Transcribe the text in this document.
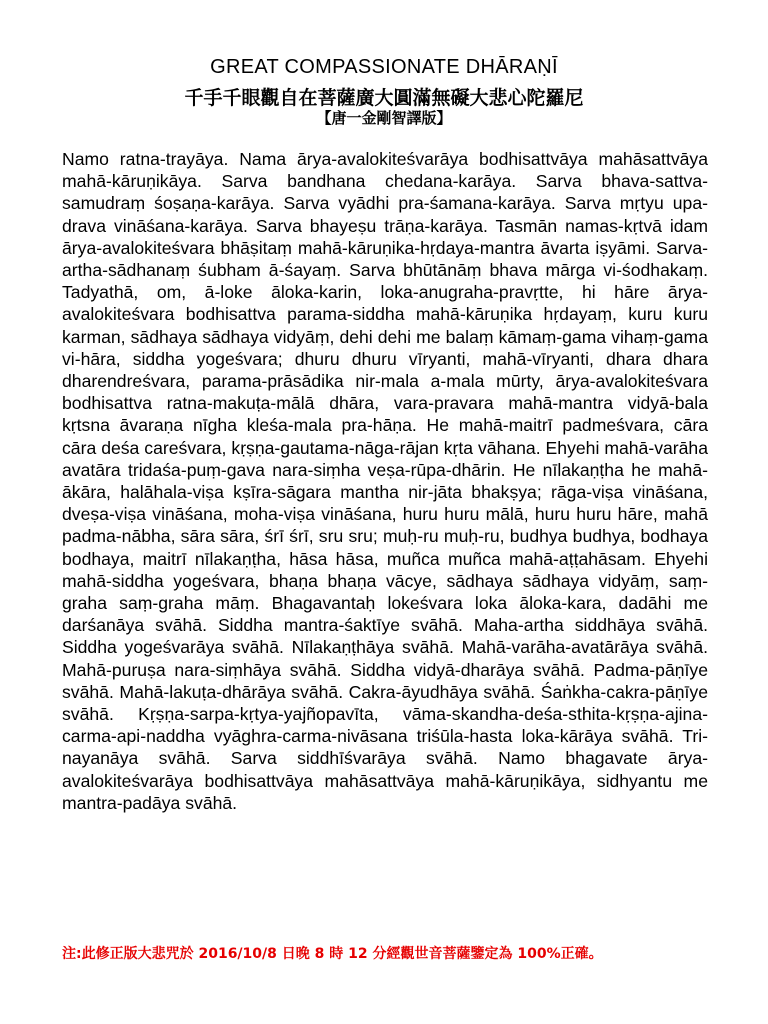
GREAT COMPASSIONATE DHĀRAṆĪ
千手千眼觀自在菩薩廣大圓滿無礙大悲心陀羅尼
【唐一金剛智譯版】

Namo ratna-trayāya. Nama ārya-avalokiteśvarāya bodhisattvāya mahāsattvāya mahā-kāruṇikāya. Sarva bandhana chedana-karāya. Sarva bhava-sattva-samudraṃ śoṣaṇa-karāya. Sarva vyādhi pra-śamana-karāya. Sarva mṛtyu upa-drava vināśana-karāya. Sarva bhayeṣu trāṇa-karāya. Tasmān namas-kṛtvā idam ārya-avalokiteśvara bhāṣitaṃ mahā-kāruṇika-hṛdaya-mantra āvarta iṣyāmi. Sarva-artha-sādhanaṃ śubham ā-śayaṃ. Sarva bhūtānāṃ bhava mārga vi-śodhakaṃ. Tadyathā, om, ā-loke āloka-karin, loka-anugraha-pravṛtte, hi hāre ārya-avalokiteśvara bodhisattva parama-siddha mahā-kāruṇika hṛdayaṃ, kuru kuru karman, sādhaya sādhaya vidyāṃ, dehi dehi me balaṃ kāmaṃ-gama vihaṃ-gama vi-hāra, siddha yogeśvara; dhuru dhuru vīryanti, mahā-vīryanti, dhara dhara dharendreśvara, parama-prāsādika nir-mala a-mala mūrty, ārya-avalokiteśvara bodhisattva ratna-makuṭa-mālā dhāra, vara-pravara mahā-mantra vidyā-bala kṛtsna āvaraṇa nīgha kleśa-mala pra-hāṇa. He mahā-maitrī padmeśvara, cāra cāra deśa careśvara, kṛṣṇa-gautama-nāga-rājan kṛta vāhana. Ehyehi mahā-varāha avatāra tridaśa-puṃ-gava nara-siṃha veṣa-rūpa-dhārin. He nīlakaṇṭha he mahā-ākāra, halāhala-viṣa kṣīra-sāgara mantha nir-jāta bhakṣya; rāga-viṣa vināśana, dveṣa-viṣa vināśana, moha-viṣa vināśana, huru huru mālā, huru huru hāre, mahā padma-nābha, sāra sāra, śrī śrī, sru sru; muḥ-ru muḥ-ru, budhya budhya, bodhaya bodhaya, maitrī nīlakaṇṭha, hāsa hāsa, muñca muñca mahā-aṭṭahāsam. Ehyehi mahā-siddha yogeśvara, bhaṇa bhaṇa vācye, sādhaya sādhaya vidyāṃ, saṃ-graha saṃ-graha māṃ. Bhagavantaḥ lokeśvara loka āloka-kara, dadāhi me darśanāya svāhā. Siddha mantra-śaktīye svāhā. Maha-artha siddhāya svāhā. Siddha yogeśvarāya svāhā. Nīlakaṇṭhāya svāhā. Mahā-varāha-avatārāya svāhā. Mahā-puruṣa nara-siṃhāya svāhā. Siddha vidyā-dharāya svāhā. Padma-pāṇīye svāhā. Mahā-lakuṭa-dhārāya svāhā. Cakra-āyudhāya svāhā. Śaṅkha-cakra-pāṇīye svāhā. Kṛṣṇa-sarpa-kṛtya-yajñopavīta, vāma-skandha-deśa-sthita-kṛṣṇa-ajina-carma-api-naddha vyāghra-carma-nivāsana triśūla-hasta loka-kārāya svāhā. Tri-nayanāya svāhā. Sarva siddhīśvarāya svāhā. Namo bhagavate ārya-avalokiteśvarāya bodhisattvāya mahāsattvāya mahā-kāruṇikāya, sidhyantu me mantra-padāya svāhā.

注:此修正版大悲咒於 2016/10/8 日晚 8 時 12 分經觀世音菩薩鑒定為 100%正確。
